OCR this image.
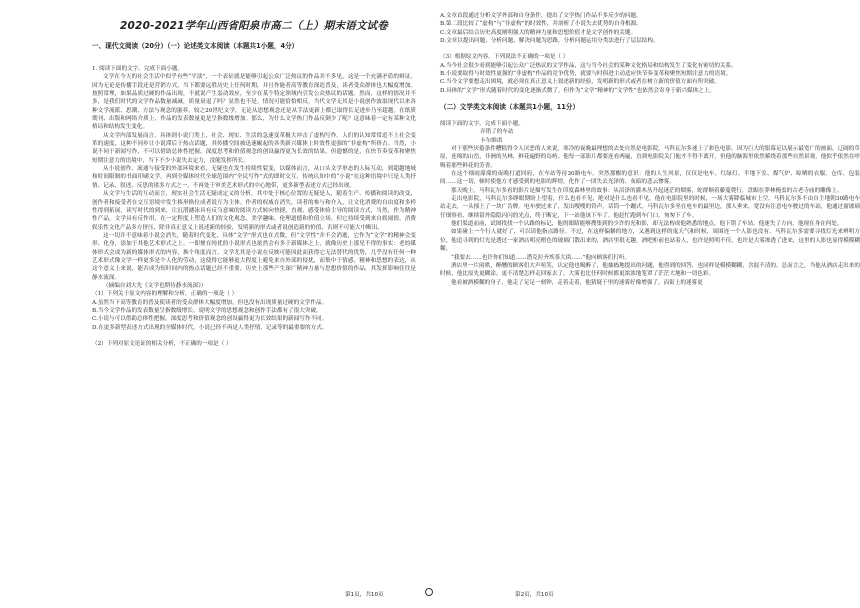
2020-2021学年山西省阳泉市高二（上）期末语文试卷
一、现代文阅读（20分）（一）论述类文本阅读（本题共1小题，4分）

1. 阅读下面的文字，完成下面小题。

文学在今天的社会生活中似乎有些“平淡”，一个表征就是能够引起公众广泛热议的作品并不多见，这是一个充满矛盾的辩证。因为无论是传播手段还是营销方式，当下都要远胜历史上任何时期，并且作能者高等教育深造普及，读者受众群体也大幅度增加。按照常理，如果品质过硬的作品出现，不就说产生轰动效应，至少在某个特定领域内引发公众热议的话题。然而，这样的情况并不多，是我们时代的文学作品数量减减，质量衰退了吗？显然也不是。情况可能恰恰相反，当代文学无其是小说创作波取现代以来各种文学流派、思潮、方法与观念的滋养，较之20世纪文学，无论从思想观念还是从手法更新上都已取得长足进步乃至超越。在纸质期刊、出版和网络介质上，作品的发表数量更是呈指数级增加。那么，为什么文学热门作品反倒少了呢？这意味着一定有某种文化格局和结构发生变化。

从文学内部发展而言，具体到小说门类上，社会、现实、生活的急速变革极大冲击了虚构写作。人们的认知常常追不上社会变革的速度，这种不同步让小说滞后于热点话题，其传播空间被迅速崛起的各类新兴媒体上时效性更强的“非虚构”所挤占。当然，小说不同于新闻写作，不可以借助总体性把握，深度思考和价值观念的创设赢得更为长效的结果，但遗憾的是，在快节奏变革和聚焦短期注意力的语境中，当下不少小说失去定力，没能发挥所长。

从小说创作、流通与接受的外部环境来看，无疑也在发生持续性裂变，以媒体而言，从口头文学形态的人际互动，到超越地域和时间限制的书面印刷文学，再到全媒体时代全球范围内“全民写作”式的即时交互，传统认知中的“小说”在这种语境中只是人类抒情、记录、叙述、反思的诸多方式之一，不再处于审美艺术形式的中心地带，更多新型表述方式已经出现。

从文学与生活的互动而言，现实社会生活无疑成定义的分析，其中处于核心位置的无疑是人，随着生产、传播和阅读的改变，创作者和接受者在交互语境中发生移形换位成者说互为主体。作者的权威在消失，读者的参与和介入，让文化消费的自由度和多样性得到拓展，读写时代的到来，让沉潜涵泳具有反刍意味的阅读方式转向快捷、直观、感受体验主导的阅读方式，当然，作为精神性产品，文学具有反作用，在一定程度上塑造人们的文化观念、美学趣味、伦理道德和价值立场。但它持续受到来自娱闹情、消费娱乐性文化产品多方挤压，除非真正意义上说述新的经验，发明新的形式或者说创造新的价值，否则不可能大中断出。

这一切并不意味着小说会消失，随着时代变化，具体“文学”形式也在式微，但“文学性”并不会消逝，它作为“文学”的精神会变形、化身，添加于其他艺术形式之上。一即便在纯优的小说形式也依然会有多于新媒体之上，就像历史上那见不得的事实：老的媒体形式会成为新的媒体形式的内容，换个角度而言，文学尤其是小说在反映可能因此而获得它无法替代的优势，几乎没有任何一种艺术形式像文学一样更多是个人化的劳动，这使得它能够更大程度上避免来自外部的侵扰，而集中于情感，精神和思想的表达，从这个意义上来说，能否成为短时间内的热点话题已经不重要，历史上那些产生深广精神力量与思想价值的作品，其发挥影响往往是静水流深。

（摘编自刘大先《文学也期待静水流深》）

（1）下列关于原文内容的理解和分析，正确的一项是（ ）

A.虽然当下高等教育的普及使读者的受众群体大幅度增加，但也没有出现质量过硬的文学作品。

B.当今文学作品的发表数量呈指数级增长，说明文学的思想观念和创作手法都有了很大突破。

C.小说与可以借助总体性把握，深度思考和价值观念的创设赢得更为长效结果的新闻写作不同。

D.在更多新型表述方式出现的全媒体时代，小说已经不再是人类抒情、记录等的最重要的方式。

（2）下列对原文论证的相关分析，不正确的一项是（ ）

A.文章首段通过分析文学外部和自身条件，提出了文学热门作品不多反少的问题。

B.第二段比较了“虚构”与“非虚构”的时效性，并剖析了小说失去优势的自身根源。

C.文章最后结合历史高度阐明强大的精神力量和思想价值才是文学创作的关键。

D.文章以提出问题、分析问题、解决问题为思路，分析问题运用分类法进行了层层结构。

（3）根据原文内容，下列说法不正确的一项是（ ）

A.当今社会很少看到能够引起公众广泛热议的文学作品，这与当今社会的某种文化格局和结构发生了变化有密切的关系。

B.小说要取得与时效性更强的“非虚构”作品的竞争优势，就要与时俱进主动适应快节奏变革和聚焦短期注意力的语境。

C.当今文学要想走出困境，就必须在真正意义上叙述新的经验，发明新的形式或者在树立新的价值方面有所突破。

D.具体的“文学”形式随着时代的变化逐渐式微了，但作为“文学”精神的“文学性”也依然会寄身于新兴媒体之上。

（二）文学类文本阅读（本题共1小题，11分）

阅读下面的文字，完成下面小题。

弄错了的车站

卡尔维诺

对于那些厌倦条件糟糕得令人厌恶的人来说，寒冷的夜晚最理想的去处自然是电影院。马科瓦尔多迷上了彩色电影，因为巨大的银幕足以展示最宽广的画面，辽阔的草原，连绵的山峦，非洲的丛林，鲜花遍野的岛屿。他每一部影片都要连看两遍，直到电影院关门他才不得不离开，但他的脑海里依然萦绕着那些自然景观，他似乎依然在呼吸着那些鲜花的芳香。

在这个细雨濛濛的夜晚打道回府，在车站等待30路电车，突然那醒的意识：他的人生风景，仅仅是电车、红绿灯、半地下室、煤气炉、晾晒的衣服、仓库、包装间……这一切，顿时使他方才感受到的电影的辉煌，化作了一团失去光泽的、灰暗的悲云惨雾。

那天晚上，马科瓦尔多看的影片是描写发生在印度森林里的故事：从沼泽的灌木丛升起迷茫的烟雾，蛇群顺着藤蔓爬行，盘踞在莽林掩盖的古老寺庙的雕像上。

走出电影院，马科瓦尔多睁眼期盼上望着，什么也看不见，绝对是什么也看不见。他在电影院里的时候，一场大雾降临城市上空。马科瓦尔多不由自主地朝30路电车站走去，一头撞上了一块广告牌。电车驶过来了，发出嗖嗖的铃声，话筒一个蹦式。马科瓦尔多坐在电车的最里边，那人垂来，宽没有注意电车驶过的车站，他通过窗玻璃仔细察看，继续留外隐隐闪闪的光点，终于断定，下一站他该下车了。他赶忙跑到车门口，匆匆下了车。

他们渠道而前，试图找找一个认路的标记，他的眼睛能够搜集到的少许的光和影，却无法构成他熟悉的地点。他下错了车站，他迷失了方向，他现在身在何处。

如果碰上一个行人就好了，可以请他指点路径。不过，在这样偏僻的地方，又遇到这样的鬼天气和时候，周围连一个人影也没有。马科瓦尔多需要寻找灯光来辨明方位，他追寻到的灯光是透过一家酒店明亮橙色的玻璃门散出来的，酒店里很无趣，酒吧柜前也站着人，也许是照明不佳，也许是大雾渗透了进来，这里的人影也显得模模糊糊。

“我要去……也许你们知道……潜克拉齐埃茶大街……”他向顾客们打听。

酒店里一片闹哄，醉醺的顾客们大声喧笑，认定他也喝醉了，他抽搐地提出的问题，他得到的回答，也同样是模模糊糊，含混不清的。总而言之，当他从酒店走出来的时候，他比原先更糊涂，更不清楚怎样走回家去了，大雾也比任何时候都更浓浓地笼罩了茫茫大地和一切色彩。

他看被酒模糊的身子，他走了足足一刻钟，走着走着，他猜疑于里的迷雾好像增强了，而街上的迷雾更

第1页，共10页	第2页，共10页
